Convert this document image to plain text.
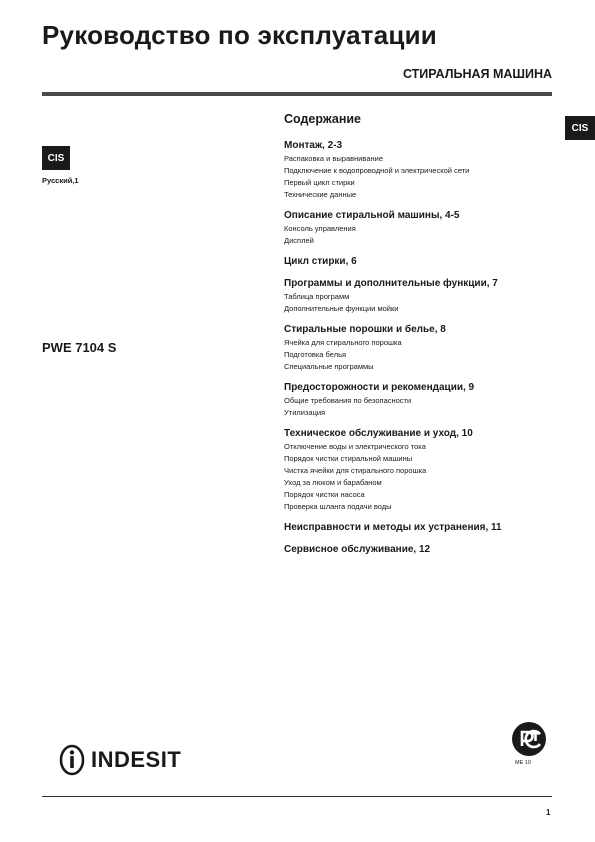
Руководство по эксплуатации
СТИРАЛЬНАЯ МАШИНА
CIS
Русский,1
PWE 7104 S
CIS
Содержание
Монтаж, 2-3
Распаковка и выравнивание
Подключение к водопроводной и электрической сети
Первый цикл стирки
Технические данные
Описание стиральной машины, 4-5
Консоль управления
Дисплей
Цикл стирки, 6
Программы и дополнительные функции, 7
Таблица программ
Дополнительные функции мойки
Стиральные порошки и белье, 8
Ячейка для стирального порошка
Подготовка белья
Специальные программы
Предосторожности и рекомендации, 9
Общие требования по безопасности
Утилизация
Техническое обслуживание и уход, 10
Отключение воды и электрического тока
Порядок чистки стиральной машины
Чистка ячейки для стирального порошка
Уход за люком и барабаном
Порядок чистки насоса
Проверка шланга подачи воды
Неисправности и методы их устранения, 11
Сервисное обслуживание, 12
INDESIT	ME 10
1
